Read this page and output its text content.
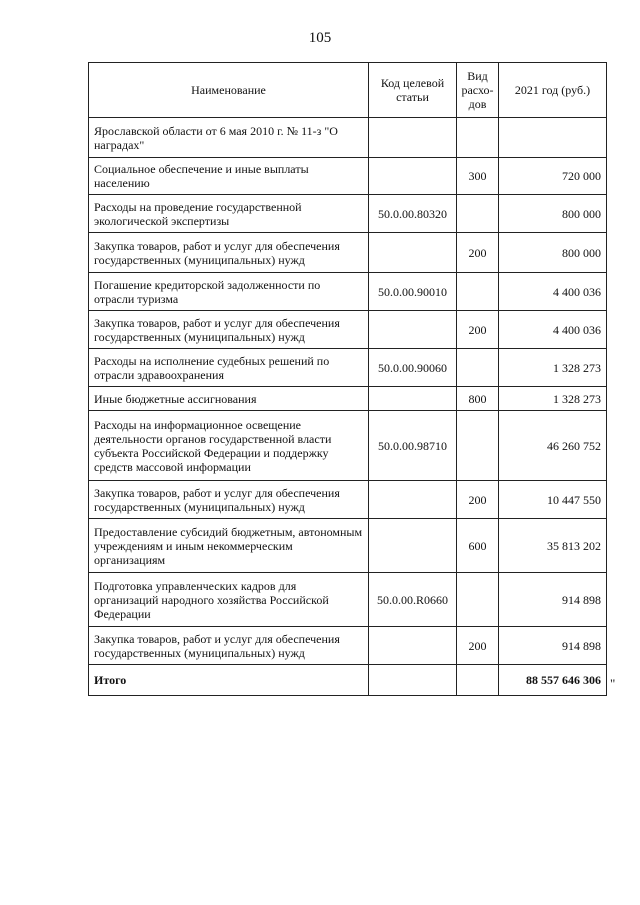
105
Наименование	Код целевой статьи	Вид расхо-дов	2021 год (руб.)
Ярославской области от 6 мая 2010 г. № 11-з "О наградах"			
Социальное обеспечение и иные выплаты населению		300	720 000
Расходы на проведение государственной экологической экспертизы	50.0.00.80320		800 000
Закупка товаров, работ и услуг для обеспечения государственных (муниципальных) нужд		200	800 000
Погашение кредиторской задолженности по отрасли туризма	50.0.00.90010		4 400 036
Закупка товаров, работ и услуг для обеспечения государственных (муниципальных) нужд		200	4 400 036
Расходы на исполнение судебных решений по отрасли здравоохранения	50.0.00.90060		1 328 273
Иные бюджетные ассигнования		800	1 328 273
Расходы на информационное освещение деятельности органов государственной власти субъекта Российской Федерации и поддержку средств массовой информации	50.0.00.98710		46 260 752
Закупка товаров, работ и услуг для обеспечения государственных (муниципальных) нужд		200	10 447 550
Предоставление субсидий бюджетным, автономным учреждениям и иным некоммерческим организациям		600	35 813 202
Подготовка управленческих кадров для организаций народного хозяйства Российской Федерации	50.0.00.R0660		914 898
Закупка товаров, работ и услуг для обеспечения государственных (муниципальных) нужд		200	914 898
Итого			88 557 646 306 "
